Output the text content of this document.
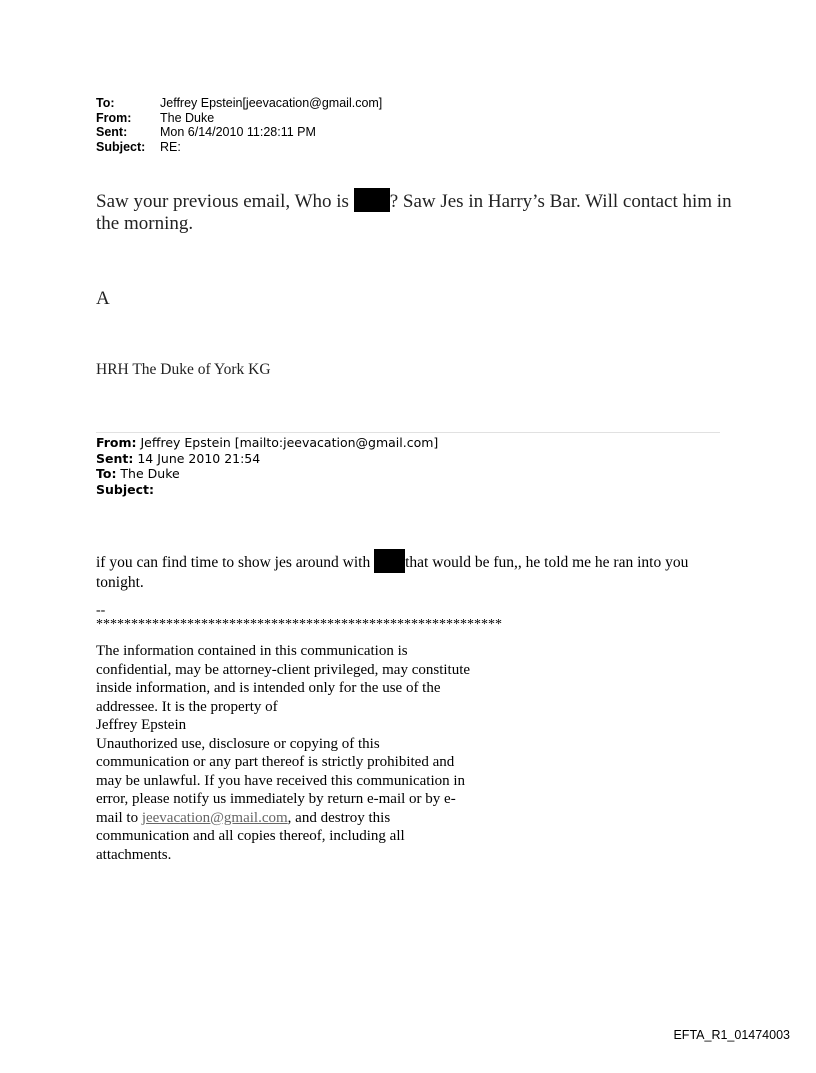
To:	Jeffrey Epstein[jeevacation@gmail.com]
From:	The Duke
Sent:	Mon 6/14/2010 11:28:11 PM
Subject:	RE:
Saw your previous email, Who is ? Saw Jes in Harry’s Bar. Will contact him in the morning.
A
HRH The Duke of York KG
From: Jeffrey Epstein [mailto:jeevacation@gmail.com]
Sent: 14 June 2010 21:54
To: The Duke
Subject:
if you can find time to show jes around with that would be fun,, he told me he ran into you tonight.
--
**********************************************************
The information contained in this communication is confidential, may be attorney-client privileged, may constitute inside information, and is intended only for the use of the addressee. It is the property of
Jeffrey Epstein
Unauthorized use, disclosure or copying of this communication or any part thereof is strictly prohibited and may be unlawful. If you have received this communication in error, please notify us immediately by return e-mail or by e-mail to jeevacation@gmail.com, and destroy this communication and all copies thereof, including all attachments.
EFTA_R1_01474003
